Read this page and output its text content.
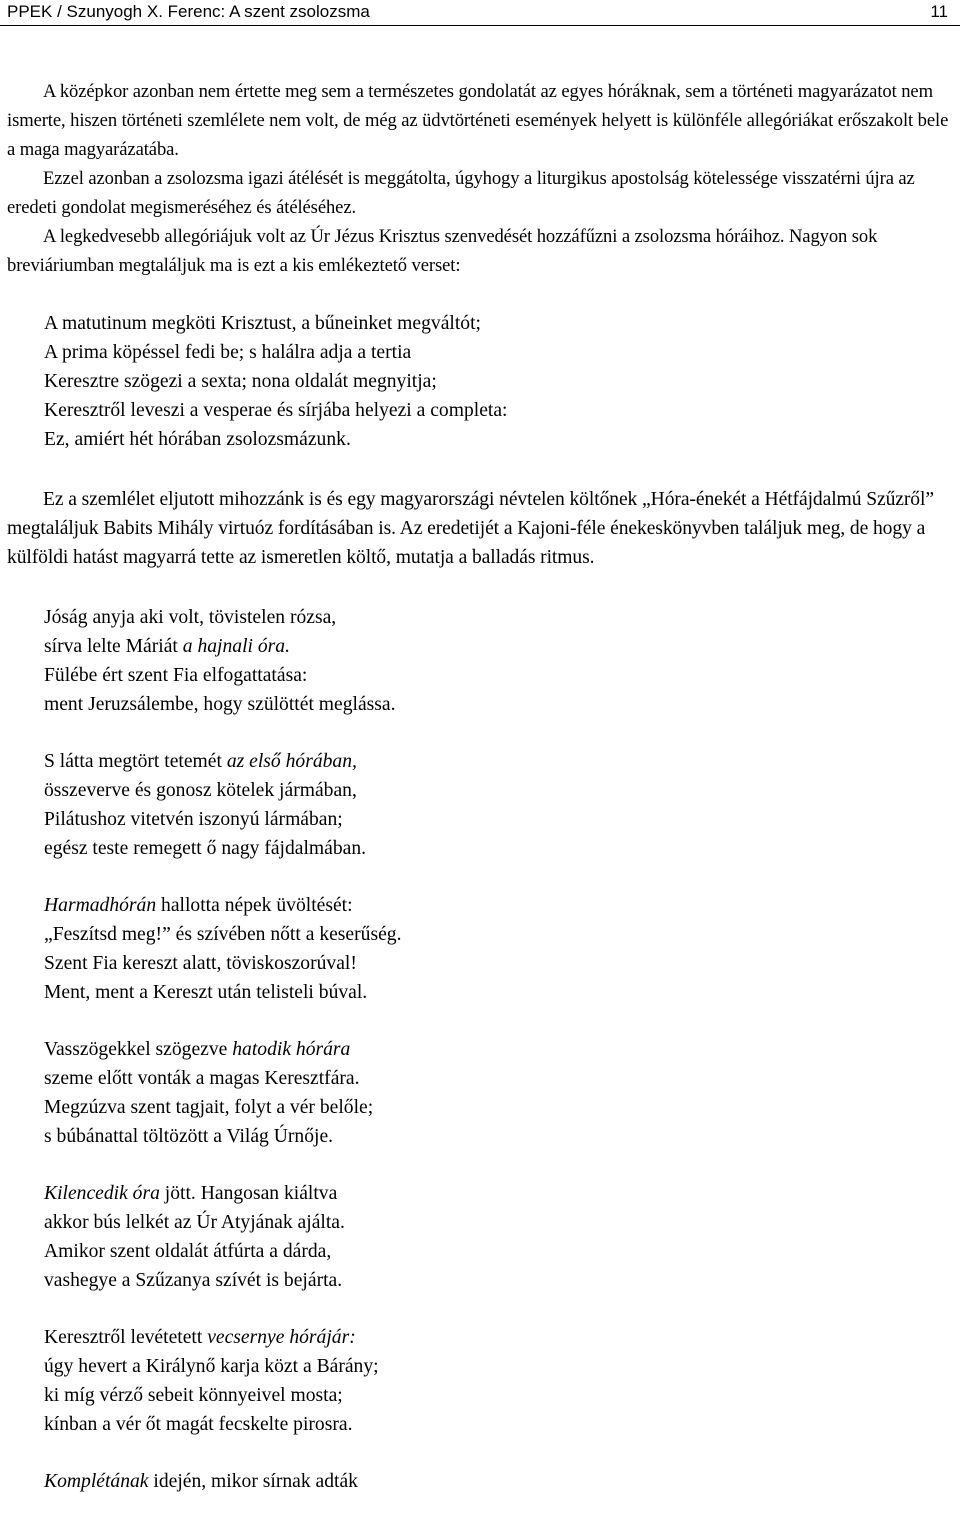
PPEK / Szunyogh X. Ferenc: A szent zsolozsma	11

A középkor azonban nem értette meg sem a természetes gondolatát az egyes hóráknak, sem a történeti magyarázatot nem ismerte, hiszen történeti szemlélete nem volt, de még az üdvtörténeti események helyett is különféle allegóriákat erőszakolt bele a maga magyarázatába.

Ezzel azonban a zsolozsma igazi átélését is meggátolta, úgyhogy a liturgikus apostolság kötelessége visszatérni újra az eredeti gondolat megismeréséhez és átéléséhez.

A legkedvesebb allegóriájuk volt az Úr Jézus Krisztus szenvedését hozzáfűzni a zsolozsma hóráihoz. Nagyon sok breviáriumban megtaláljuk ma is ezt a kis emlékeztető verset:

A matutinum megköti Krisztust, a bűneinket megváltót;
A prima köpéssel fedi be; s halálra adja a tertia
Keresztre szögezi a sexta; nona oldalát megnyitja;
Keresztről leveszi a vesperae és sírjába helyezi a completa:
Ez, amiért hét hórában zsolozsmázunk.

Ez a szemlélet eljutott mihozzánk is és egy magyarországi névtelen költőnek „Hóra-énekét a Hétfájdalmú Szűzről” megtaláljuk Babits Mihály virtuóz fordításában is. Az eredetijét a Kajoni-féle énekeskönyvben találjuk meg, de hogy a külföldi hatást magyarrá tette az ismeretlen költő, mutatja a balladás ritmus.

Jóság anyja aki volt, tövistelen rózsa,
sírva lelte Máriát a hajnali óra.
Fülébe ért szent Fia elfogattatása:
ment Jeruzsálembe, hogy szülöttét meglássa.
S látta megtört tetemét az első hórában,
összeverve és gonosz kötelek jármában,
Pilátushoz vitetvén iszonyú lármában;
egész teste remegett ő nagy fájdalmában.
Harmadhórán hallotta népek üvöltését:
„Feszítsd meg!” és szívében nőtt a keserűség.
Szent Fia kereszt alatt, töviskoszorúval!
Ment, ment a Kereszt után telisteli búval.
Vasszögekkel szögezve hatodik hórára
szeme előtt vonták a magas Keresztfára.
Megzúzva szent tagjait, folyt a vér belőle;
s búbánattal töltözött a Világ Úrnője.
Kilencedik óra jött. Hangosan kiáltva
akkor bús lelkét az Úr Atyjának ajálta.
Amikor szent oldalát átfúrta a dárda,
vashegye a Szűzanya szívét is bejárta.
Keresztről levétetett vecsernye hórájár:
úgy hevert a Királynő karja közt a Bárány;
ki míg vérző sebeit könnyeivel mosta;
kínban a vér őt magát fecskelte pirosra.
Komplétának idején, mikor sírnak adták
